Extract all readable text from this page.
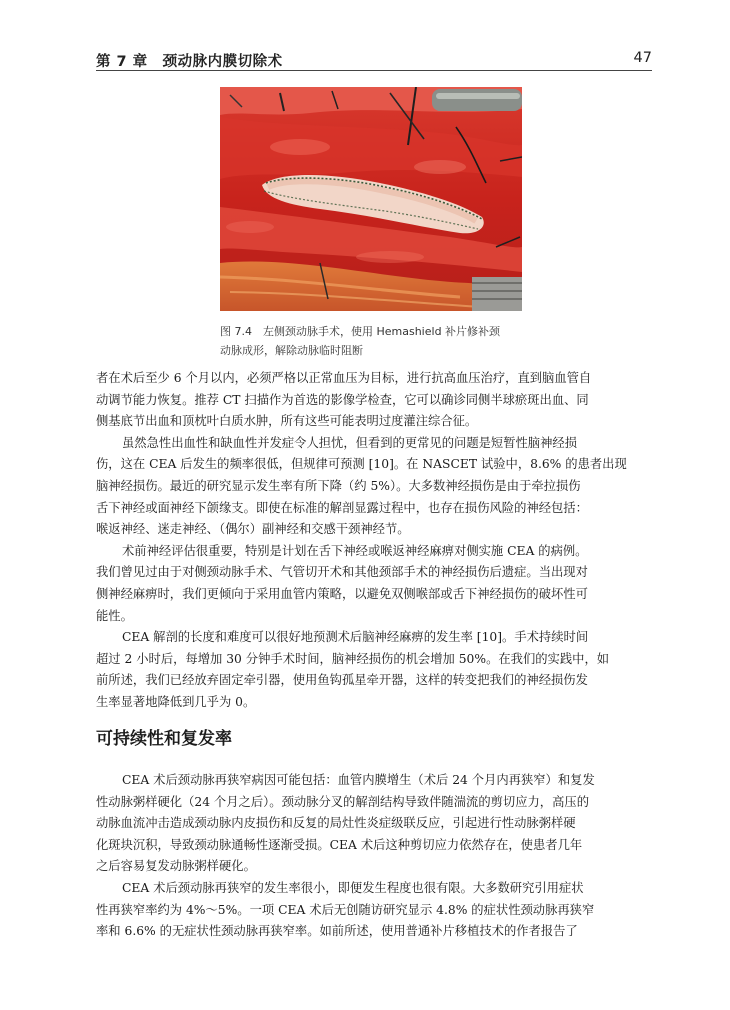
第 7 章　颈动脉内膜切除术	47
图 7.4　左侧颈动脉手术，使用 Hemashield 补片修补颈
动脉成形，解除动脉临时阻断
者在术后至少 6 个月以内，必须严格以正常血压为目标，进行抗高血压治疗，直到脑血管自
动调节能力恢复。推荐 CT 扫描作为首选的影像学检查，它可以确诊同侧半球瘀斑出血、同
侧基底节出血和顶枕叶白质水肿，所有这些可能表明过度灌注综合征。
虽然急性出血性和缺血性并发症令人担忧，但看到的更常见的问题是短暂性脑神经损
伤，这在 CEA 后发生的频率很低，但规律可预测 [10]。在 NASCET 试验中，8.6% 的患者出现
脑神经损伤。最近的研究显示发生率有所下降（约 5%）。大多数神经损伤是由于牵拉损伤
舌下神经或面神经下颌缘支。即使在标准的解剖显露过程中，也存在损伤风险的神经包括：
喉返神经、迷走神经、（偶尔）副神经和交感干颈神经节。
术前神经评估很重要，特别是计划在舌下神经或喉返神经麻痹对侧实施 CEA 的病例。
我们曾见过由于对侧颈动脉手术、气管切开术和其他颈部手术的神经损伤后遗症。当出现对
侧神经麻痹时，我们更倾向于采用血管内策略，以避免双侧喉部或舌下神经损伤的破坏性可
能性。
CEA 解剖的长度和难度可以很好地预测术后脑神经麻痹的发生率 [10]。手术持续时间
超过 2 小时后，每增加 30 分钟手术时间，脑神经损伤的机会增加 50%。在我们的实践中，如
前所述，我们已经放弃固定牵引器，使用鱼钩孤星牵开器，这样的转变把我们的神经损伤发
生率显著地降低到几乎为 0。
可持续性和复发率
CEA 术后颈动脉再狭窄病因可能包括：血管内膜增生（术后 24 个月内再狭窄）和复发
性动脉粥样硬化（24 个月之后）。颈动脉分叉的解剖结构导致伴随湍流的剪切应力，高压的
动脉血流冲击造成颈动脉内皮损伤和反复的局灶性炎症级联反应，引起进行性动脉粥样硬
化斑块沉积，导致颈动脉通畅性逐渐受损。CEA 术后这种剪切应力依然存在，使患者几年
之后容易复发动脉粥样硬化。
CEA 术后颈动脉再狭窄的发生率很小，即便发生程度也很有限。大多数研究引用症状
性再狭窄率约为 4%～5%。一项 CEA 术后无创随访研究显示 4.8% 的症状性颈动脉再狭窄
率和 6.6% 的无症状性颈动脉再狭窄率。如前所述，使用普通补片移植技术的作者报告了
